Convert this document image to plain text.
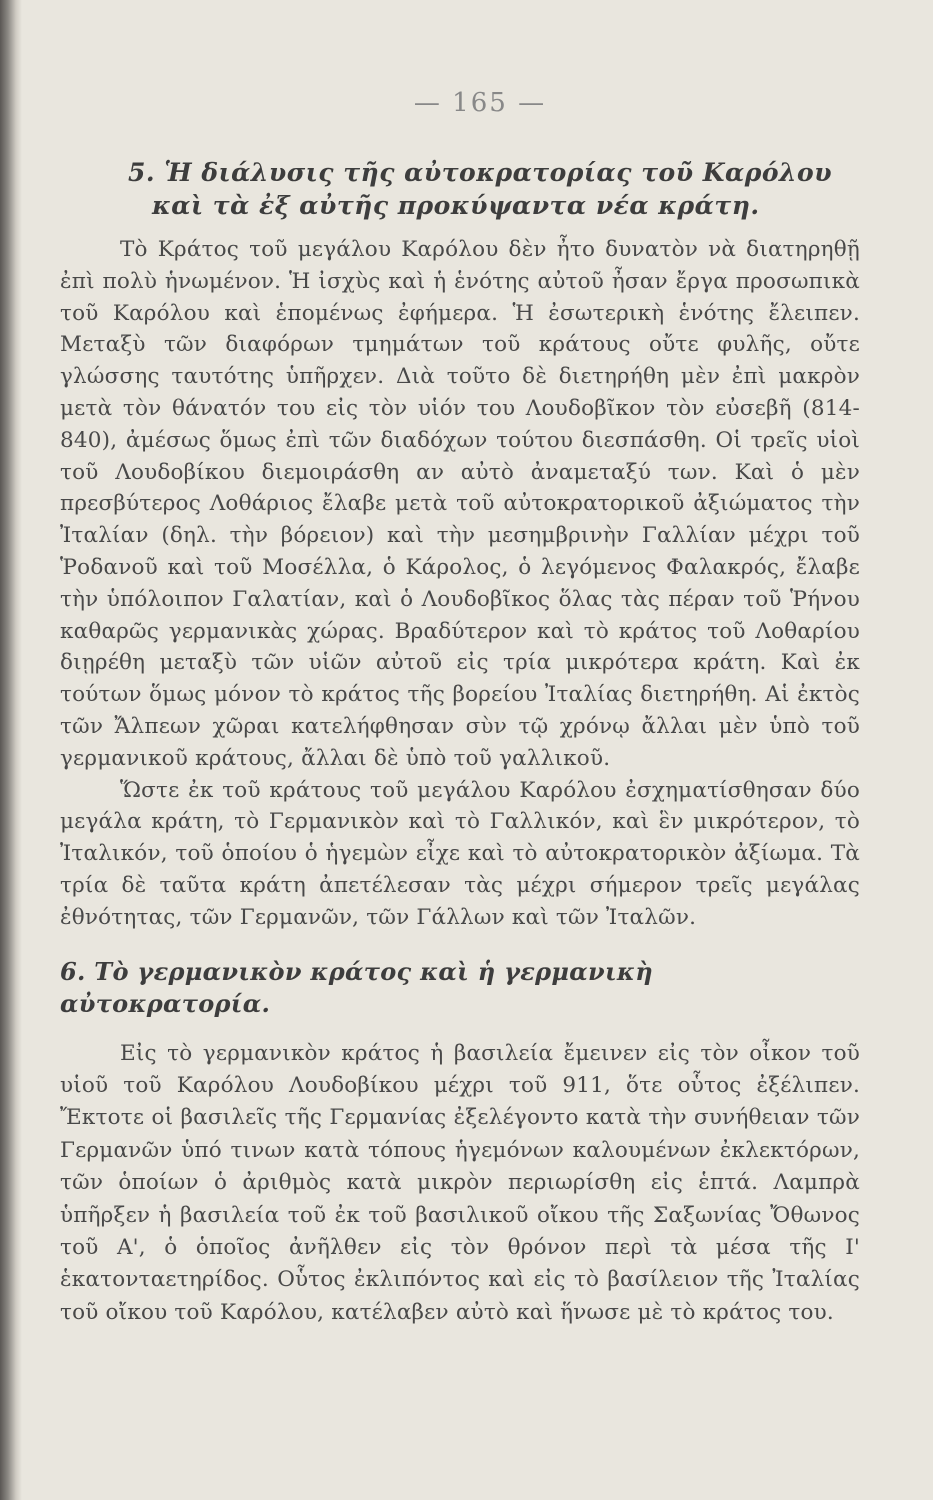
— 165 —
5. Ἡ διάλυσις τῆς αὐτοκρατορίας τοῦ Καρόλου
καὶ τὰ ἐξ αὐτῆς προκύψαντα νέα κράτη.

Τὸ Κράτος τοῦ μεγάλου Καρόλου δὲν ἦτο δυνατὸν νὰ διατηρηθῇ ἐπὶ πολὺ ἡνωμένον. Ἡ ἰσχὺς καὶ ἡ ἑνότης αὐτοῦ ἦσαν ἔργα προσωπικὰ τοῦ Καρόλου καὶ ἑπομένως ἐφήμερα. Ἡ ἐσωτερικὴ ἑνότης ἔλειπεν. Μεταξὺ τῶν διαφόρων τμημάτων τοῦ κράτους οὔτε φυλῆς, οὔτε γλώσσης ταυτότης ὑπῆρχεν. Διὰ τοῦτο δὲ διετηρήθη μὲν ἐπὶ μακρὸν μετὰ τὸν θάνατόν του εἰς τὸν υἱόν του Λουδοβῖκον τὸν εὐσεβῆ (814-840), ἀμέσως ὅμως ἐπὶ τῶν διαδόχων τούτου διεσπάσθη. Οἱ τρεῖς υἱοὶ τοῦ Λουδοβίκου διεμοιράσθη αν αὐτὸ ἀναμεταξύ των. Καὶ ὁ μὲν πρεσβύτερος Λοθάριος ἔλαβε μετὰ τοῦ αὐτοκρατορικοῦ ἀξιώματος τὴν Ἰταλίαν (δηλ. τὴν βόρειον) καὶ τὴν μεσημβρινὴν Γαλλίαν μέχρι τοῦ Ῥοδανοῦ καὶ τοῦ Μοσέλλα, ὁ Κάρολος, ὁ λεγόμενος Φαλακρός, ἔλαβε τὴν ὑπόλοιπον Γαλατίαν, καὶ ὁ Λουδοβῖκος ὅλας τὰς πέραν τοῦ Ῥήνου καθαρῶς γερμανικὰς χώρας. Βραδύτερον καὶ τὸ κράτος τοῦ Λοθαρίου διῃρέθη μεταξὺ τῶν υἱῶν αὐτοῦ εἰς τρία μικρότερα κράτη. Καὶ ἐκ τούτων ὅμως μόνον τὸ κράτος τῆς βορείου Ἰταλίας διετηρήθη. Αἱ ἐκτὸς τῶν Ἄλπεων χῶραι κατελήφθησαν σὺν τῷ χρόνῳ ἄλλαι μὲν ὑπὸ τοῦ γερμανικοῦ κράτους, ἄλλαι δὲ ὑπὸ τοῦ γαλλικοῦ.

Ὥστε ἐκ τοῦ κράτους τοῦ μεγάλου Καρόλου ἐσχηματίσθησαν δύο μεγάλα κράτη, τὸ Γερμανικὸν καὶ τὸ Γαλλικόν, καὶ ἓν μικρότερον, τὸ Ἰταλικόν, τοῦ ὁποίου ὁ ἡγεμὼν εἶχε καὶ τὸ αὐτοκρατορικὸν ἀξίωμα. Τὰ τρία δὲ ταῦτα κράτη ἀπετέλεσαν τὰς μέχρι σήμερον τρεῖς μεγάλας ἐθνότητας, τῶν Γερμανῶν, τῶν Γάλλων καὶ τῶν Ἰταλῶν.

6. Τὸ γερμανικὸν κράτος καὶ ἡ γερμανικὴ αὐτοκρατορία.

Εἰς τὸ γερμανικὸν κράτος ἡ βασιλεία ἔμεινεν εἰς τὸν οἶκον τοῦ υἱοῦ τοῦ Καρόλου Λουδοβίκου μέχρι τοῦ 911, ὅτε οὗτος ἐξέλιπεν. Ἔκτοτε οἱ βασιλεῖς τῆς Γερμανίας ἐξελέγοντο κατὰ τὴν συνήθειαν τῶν Γερμανῶν ὑπό τινων κατὰ τόπους ἡγεμόνων καλουμένων ἐκλεκτόρων, τῶν ὁποίων ὁ ἀριθμὸς κατὰ μικρὸν περιωρίσθη εἰς ἑπτά. Λαμπρὰ ὑπῆρξεν ἡ βασιλεία τοῦ ἐκ τοῦ βασιλικοῦ οἴκου τῆς Σαξωνίας Ὄθωνος τοῦ Α', ὁ ὁποῖος ἀνῆλθεν εἰς τὸν θρόνον περὶ τὰ μέσα τῆς Ι' ἑκατονταετηρίδος. Οὗτος ἐκλιπόντος καὶ εἰς τὸ βασίλειον τῆς Ἰταλίας τοῦ οἴκου τοῦ Καρόλου, κατέλαβεν αὐτὸ καὶ ἥνωσε μὲ τὸ κράτος του.
